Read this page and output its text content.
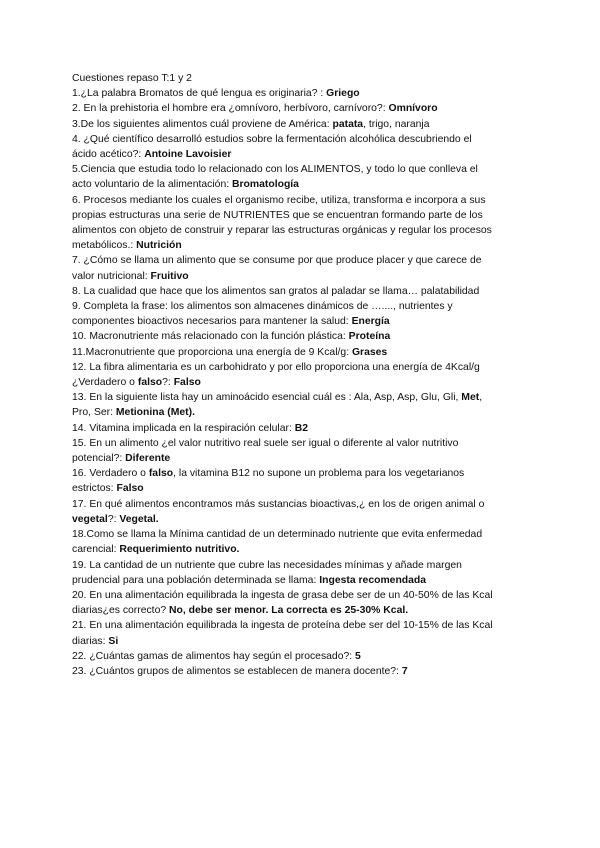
Cuestiones repaso T:1 y 2
1.¿La palabra Bromatos de qué lengua es originaria? : Griego
2. En la prehistoria el hombre era ¿omnívoro, herbívoro, carnívoro?: Omnívoro
3.De los siguientes alimentos cuál proviene de América: patata, trigo, naranja
4. ¿Qué científico desarrolló estudios sobre la fermentación alcohólica descubriendo el
ácido acético?: Antoine Lavoisier
5.Ciencia que estudia todo lo relacionado con los ALIMENTOS, y todo lo que conlleva el
acto voluntario de la alimentación: Bromatología
6. Procesos mediante los cuales el organismo recibe, utiliza, transforma e incorpora a sus
propias estructuras una serie de NUTRIENTES que se encuentran formando parte de los
alimentos con objeto de construir y reparar las estructuras orgánicas y regular los procesos
metabólicos.: Nutrición
7. ¿Cómo se llama un alimento que se consume por que produce placer y que carece de
valor nutricional: Fruitivo
8. La cualidad que hace que los alimentos san gratos al paladar se llama… palatabilidad
9. Completa la frase: los alimentos son almacenes dinámicos de …...., nutrientes y
componentes bioactivos necesarios para mantener la salud: Energía
10. Macronutriente más relacionado con la función plástica: Proteína
11.Macronutriente que proporciona una energía de 9 Kcal/g: Grases
12. La fibra alimentaria es un carbohidrato y por ello proporciona una energía de 4Kcal/g
¿Verdadero o falso?: Falso
13. En la siguiente lista hay un aminoácido esencial cuál es : Ala, Asp, Asp, Glu, Gli, Met,
Pro, Ser: Metionina (Met).
14. Vitamina implicada en la respiración celular: B2
15. En un alimento ¿el valor nutritivo real suele ser igual o diferente al valor nutritivo
potencial?: Diferente
16. Verdadero o falso, la vitamina B12 no supone un problema para los vegetarianos
estrictos: Falso
17. En qué alimentos encontramos más sustancias bioactivas,¿ en los de origen animal o
vegetal?: Vegetal.
18.Como se llama la Mínima cantidad de un determinado nutriente que evita enfermedad
carencial: Requerimiento nutritivo.
19. La cantidad de un nutriente que cubre las necesidades mínimas y añade margen
prudencial para una población determinada se llama: Ingesta recomendada
20. En una alimentación equilibrada la ingesta de grasa debe ser de un 40-50% de las Kcal
diarias¿es correcto? No, debe ser menor. La correcta es 25-30% Kcal.
21. En una alimentación equilibrada la ingesta de proteína debe ser del 10-15% de las Kcal
diarias: Si
22. ¿Cuántas gamas de alimentos hay según el procesado?: 5
23. ¿Cuántos grupos de alimentos se establecen de manera docente?: 7
